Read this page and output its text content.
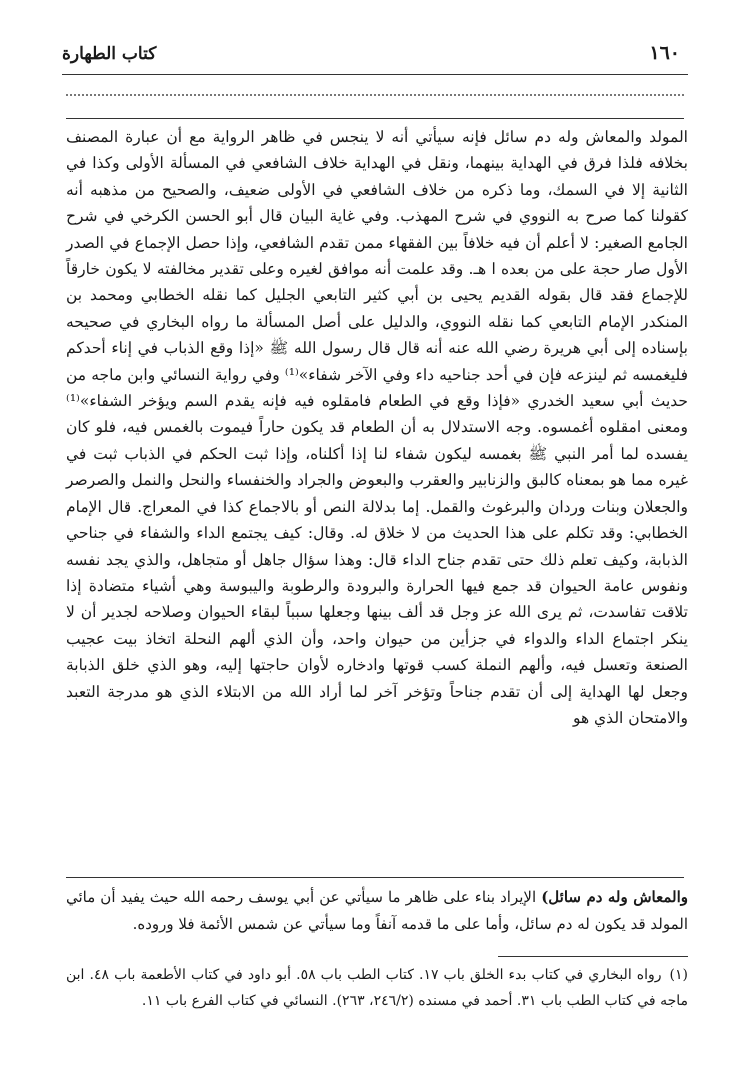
١٦٠
كتاب الطهارة

المولد والمعاش وله دم سائل فإنه سيأتي أنه لا ينجس في ظاهر الرواية مع أن عبارة المصنف بخلافه فلذا فرق في الهداية بينهما، ونقل في الهداية خلاف الشافعي في المسألة الأولى وكذا في الثانية إلا في السمك، وما ذكره من خلاف الشافعي في الأولى ضعيف، والصحيح من مذهبه أنه كقولنا كما صرح به النووي في شرح المهذب. وفي غاية البيان قال أبو الحسن الكرخي في شرح الجامع الصغير: لا أعلم أن فيه خلافاً بين الفقهاء ممن تقدم الشافعي، وإذا حصل الإجماع في الصدر الأول صار حجة على من بعده ا هـ. وقد علمت أنه موافق لغيره وعلى تقدير مخالفته لا يكون خارقاً للإجماع فقد قال بقوله القديم يحيى بن أبي كثير التابعي الجليل كما نقله الخطابي ومحمد بن المنكدر الإمام التابعي كما نقله النووي، والدليل على أصل المسألة ما رواه البخاري في صحيحه بإسناده إلى أبي هريرة رضي الله عنه أنه قال قال رسول الله ﷺ «إذا وقع الذباب في إناء أحدكم فليغمسه ثم لينزعه فإن في أحد جناحيه داء وفي الآخر شفاء»⁽¹⁾ وفي رواية النسائي وابن ماجه من حديث أبي سعيد الخدري «فإذا وقع في الطعام فامقلوه فيه فإنه يقدم السم ويؤخر الشفاء»⁽¹⁾ ومعنى امقلوه أغمسوه. وجه الاستدلال به أن الطعام قد يكون حاراً فيموت بالغمس فيه، فلو كان يفسده لما أمر النبي ﷺ بغمسه ليكون شفاء لنا إذا أكلناه، وإذا ثبت الحكم في الذباب ثبت في غيره مما هو بمعناه كالبق والزنابير والعقرب والبعوض والجراد والخنفساء والنحل والنمل والصرصر والجعلان وبنات وردان والبرغوث والقمل. إما بدلالة النص أو بالاجماع كذا في المعراج. قال الإمام الخطابي: وقد تكلم على هذا الحديث من لا خلاق له. وقال: كيف يجتمع الداء والشفاء في جناحي الذبابة، وكيف تعلم ذلك حتى تقدم جناح الداء قال: وهذا سؤال جاهل أو متجاهل، والذي يجد نفسه ونفوس عامة الحيوان قد جمع فيها الحرارة والبرودة والرطوبة واليبوسة وهي أشياء متضادة إذا تلاقت تفاسدت، ثم يرى الله عز وجل قد ألف بينها وجعلها سبباً لبقاء الحيوان وصلاحه لجدير أن لا ينكر اجتماع الداء والدواء في جزأين من حيوان واحد، وأن الذي ألهم النحلة اتخاذ بيت عجيب الصنعة وتعسل فيه، وألهم النملة كسب قوتها وادخاره لأوان حاجتها إليه، وهو الذي خلق الذبابة وجعل لها الهداية إلى أن تقدم جناحاً وتؤخر آخر لما أراد الله من الابتلاء الذي هو مدرجة التعبد والامتحان الذي هو

والمعاش وله دم سائل) الإيراد بناء على ظاهر ما سيأتي عن أبي يوسف رحمه الله حيث يفيد أن مائي المولد قد يكون له دم سائل، وأما على ما قدمه آنفاً وما سيأتي عن شمس الأئمة فلا وروده.

(١)رواه البخاري في كتاب بدء الخلق باب ١٧. كتاب الطب باب ٥٨. أبو داود في كتاب الأطعمة باب ٤٨. ابن ماجه في كتاب الطب باب ٣١. أحمد في مسنده (٢٤٦/٢، ٢٦٣). النسائي في كتاب الفرع باب ١١.
